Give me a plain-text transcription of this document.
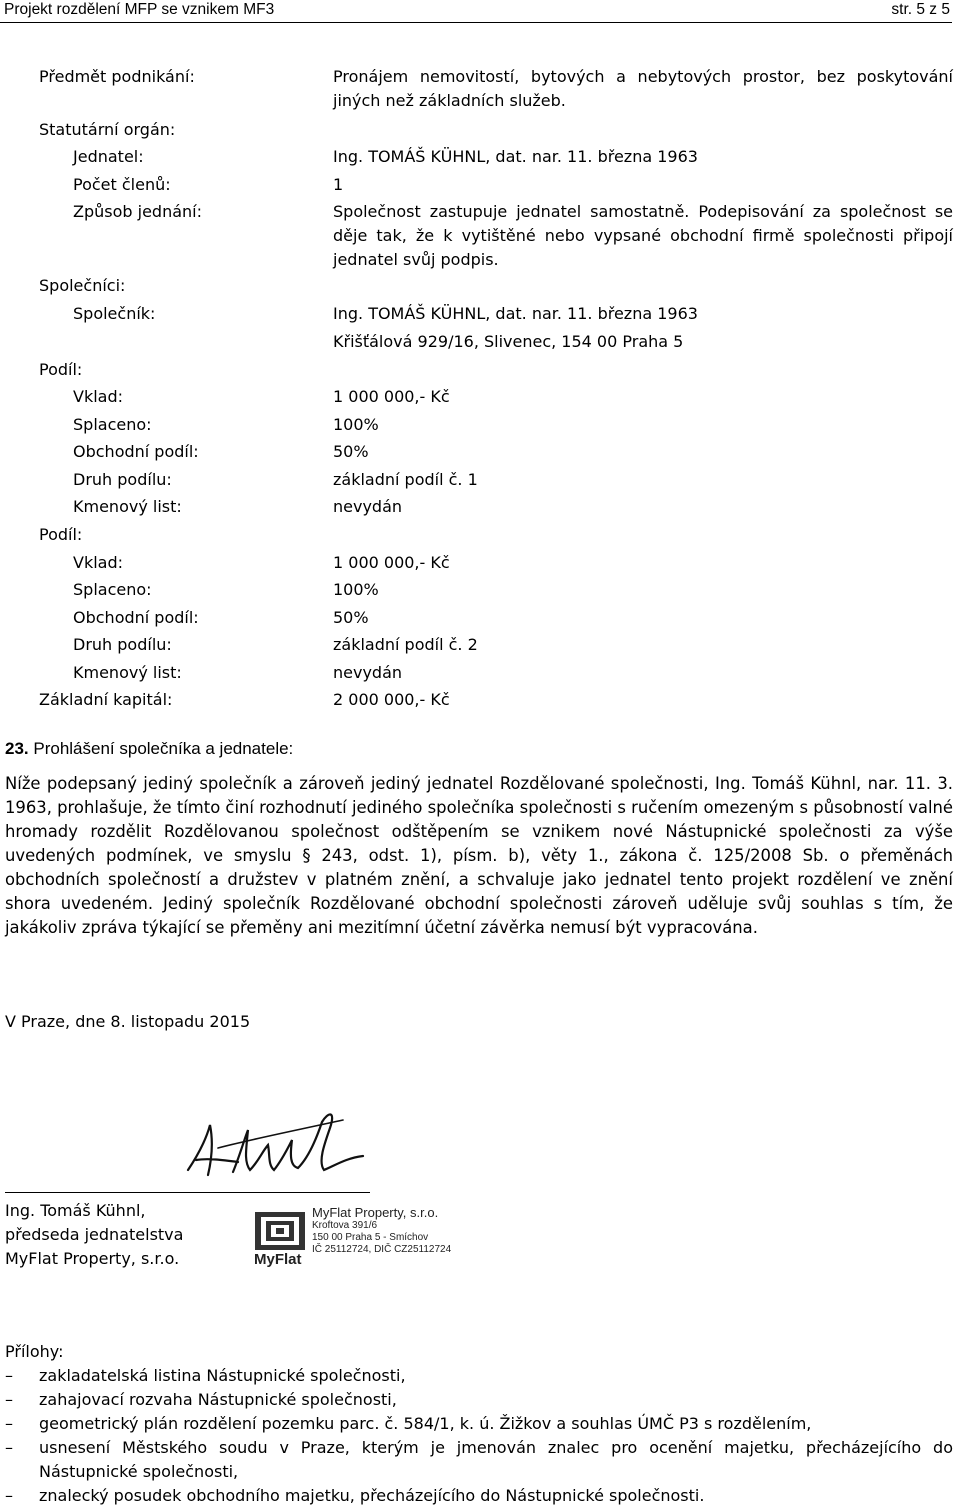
Projekt rozdělení MFP se vznikem MF3	str. 5 z 5
Předmět podnikání:	Pronájem nemovitostí, bytových a nebytových prostor, bez poskytování jiných než základních služeb.
Statutární orgán:
Jednatel:	Ing. TOMÁŠ KÜHNL, dat. nar. 11. března 1963
Počet členů:	1
Způsob jednání:	Společnost zastupuje jednatel samostatně. Podepisování za společnost se děje tak, že k vytištěné nebo vypsané obchodní firmě společnosti připojí jednatel svůj podpis.
Společníci:
Společník:	Ing. TOMÁŠ KÜHNL, dat. nar. 11. března 1963
Křišťálová 929/16, Slivenec, 154 00 Praha 5
Podíl:
Vklad:	1 000 000,- Kč
Splaceno:	100%
Obchodní podíl:	50%
Druh podílu:	základní podíl č. 1
Kmenový list:	nevydán
Podíl:
Vklad:	1 000 000,- Kč
Splaceno:	100%
Obchodní podíl:	50%
Druh podílu:	základní podíl č. 2
Kmenový list:	nevydán
Základní kapitál:	2 000 000,- Kč
23. Prohlášení společníka a jednatele:
Níže podepsaný jediný společník a zároveň jediný jednatel Rozdělované společnosti, Ing. Tomáš Kühnl, nar. 11. 3. 1963, prohlašuje, že tímto činí rozhodnutí jediného společníka společnosti s ručením omezeným s působností valné hromady rozdělit Rozdělovanou společnost odštěpením se vznikem nové Nástupnické společnosti za výše uvedených podmínek, ve smyslu § 243, odst. 1), písm. b), věty 1., zákona č. 125/2008 Sb. o přeměnách obchodních společností a družstev v platném znění, a schvaluje jako jednatel tento projekt rozdělení ve znění shora uvedeném. Jediný společník Rozdělované obchodní společnosti zároveň uděluje svůj souhlas s tím, že jakákoliv zpráva týkající se přeměny ani mezitímní účetní závěrka nemusí být vypracována.
V Praze, dne 8. listopadu 2015
Ing. Tomáš Kühnl,
předseda jednatelstva
MyFlat Property, s.r.o.
MyFlat Property, s.r.o.
Kroftova 391/6
150 00 Praha 5 - Smíchov
IČ 25112724, DIČ CZ25112724
MyFlat
Přílohy:
– zakladatelská listina Nástupnické společnosti,
– zahajovací rozvaha Nástupnické společnosti,
– geometrický plán rozdělení pozemku parc. č. 584/1, k. ú. Žižkov a souhlas ÚMČ P3 s rozdělením,
– usnesení Městského soudu v Praze, kterým je jmenován znalec pro ocenění majetku, přecházejícího do Nástupnické společnosti,
– znalecký posudek obchodního majetku, přecházejícího do Nástupnické společnosti.
